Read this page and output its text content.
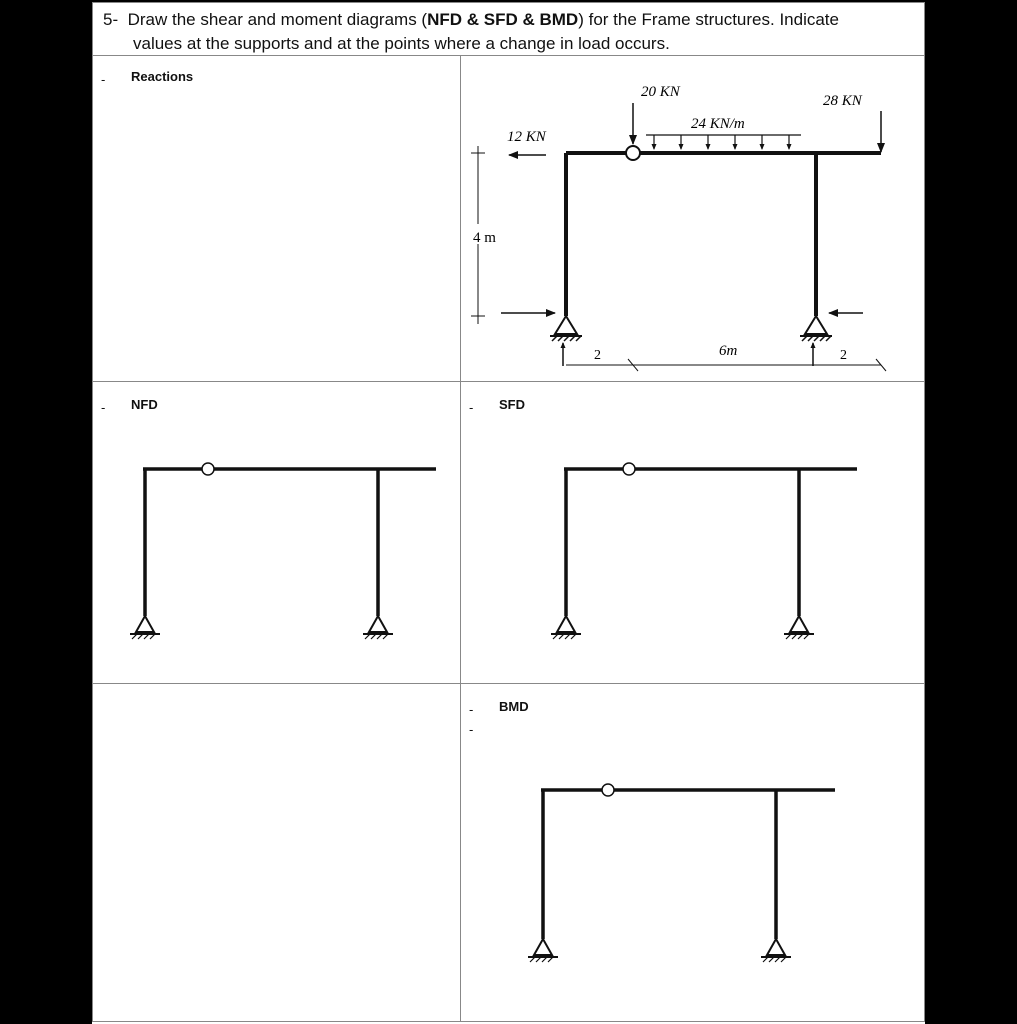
5- Draw the shear and moment diagrams (NFD & SFD & BMD) for the Frame structures. Indicate
values at the supports and at the points where a change in load occurs.
- Reactions
20 KN
28 KN
24 KN/m
12 KN
4 m
2	6m	2
- NFD	- SFD
-
-
BMD
